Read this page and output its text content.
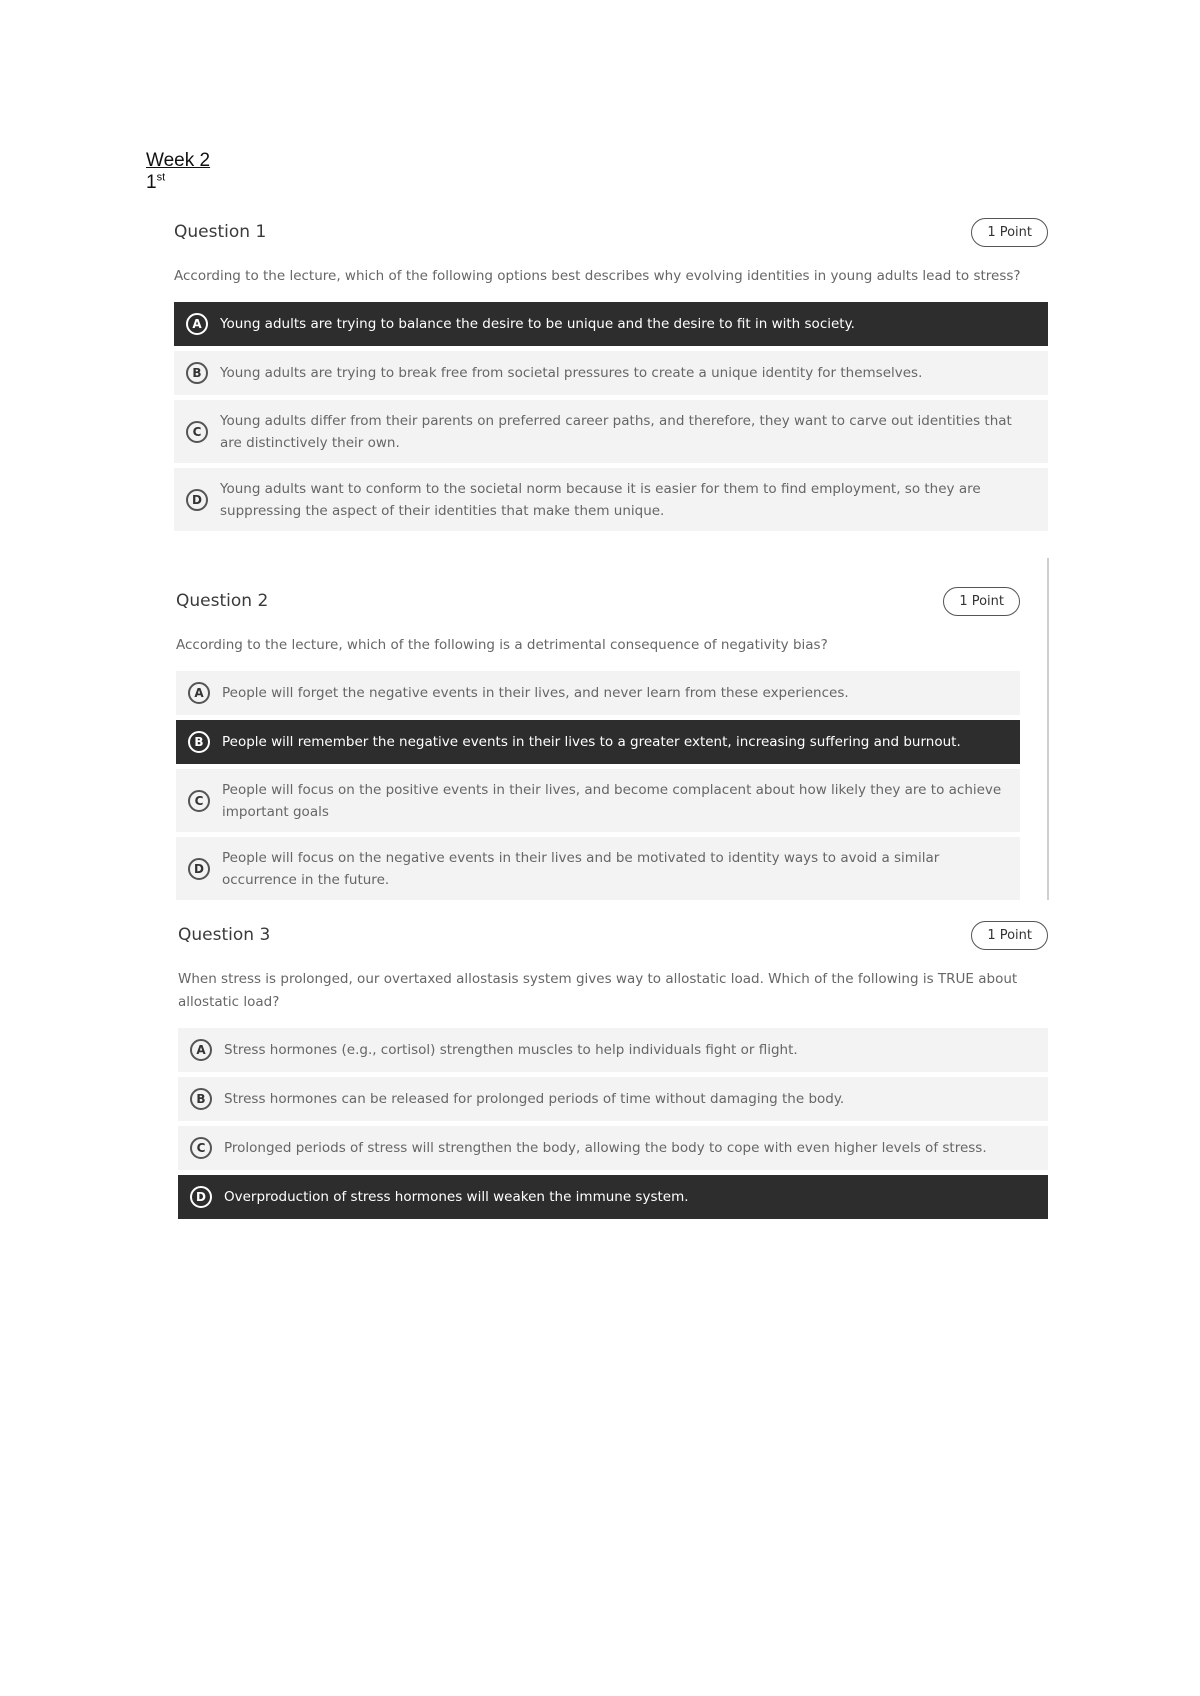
Week 2
1st
Question 1	1 Point
According to the lecture, which of the following options best describes why evolving identities in young adults lead to stress?
A	Young adults are trying to balance the desire to be unique and the desire to fit in with society.
B	Young adults are trying to break free from societal pressures to create a unique identity for themselves.
C
Young adults differ from their parents on preferred career paths, and therefore, they want to carve out identities that are distinctively their own.
D
Young adults want to conform to the societal norm because it is easier for them to find employment, so they are suppressing the aspect of their identities that make them unique.
Question 2	1 Point
According to the lecture, which of the following is a detrimental consequence of negativity bias?
A	People will forget the negative events in their lives, and never learn from these experiences.
B	People will remember the negative events in their lives to a greater extent, increasing suffering and burnout.
C
People will focus on the positive events in their lives, and become complacent about how likely they are to achieve important goals
D
People will focus on the negative events in their lives and be motivated to identity ways to avoid a similar occurrence in the future.
Question 3	1 Point
When stress is prolonged, our overtaxed allostasis system gives way to allostatic load. Which of the following is TRUE about allostatic load?
A	Stress hormones (e.g., cortisol) strengthen muscles to help individuals fight or flight.
B	Stress hormones can be released for prolonged periods of time without damaging the body.
C	Prolonged periods of stress will strengthen the body, allowing the body to cope with even higher levels of stress.
D	Overproduction of stress hormones will weaken the immune system.
